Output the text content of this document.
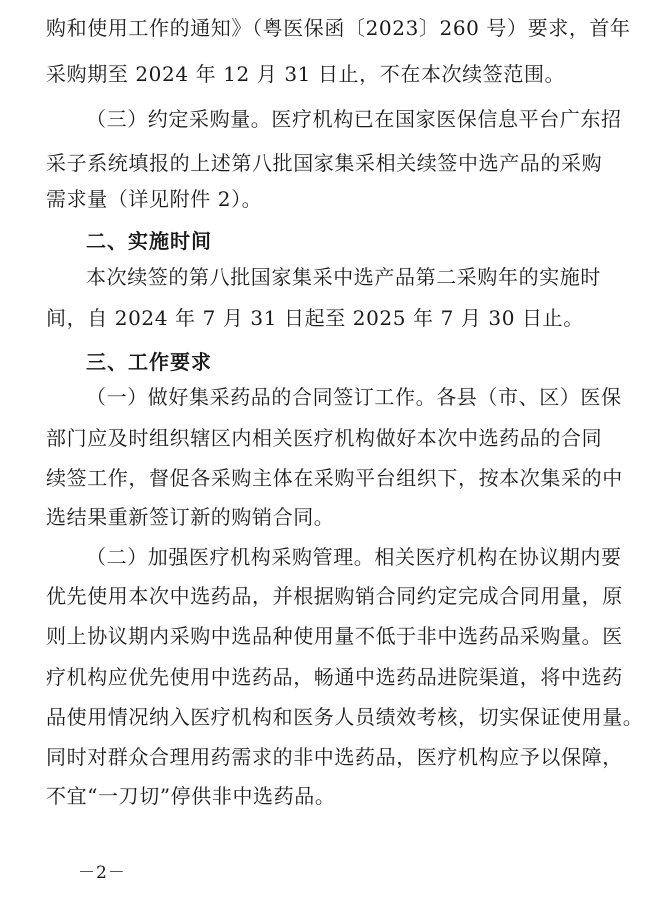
购和使用工作的通知》（粤医保函〔2023〕260 号）要求，首年
采购期至 2024 年 12 月 31 日止，不在本次续签范围。
（三）约定采购量。医疗机构已在国家医保信息平台广东招
采子系统填报的上述第八批国家集采相关续签中选产品的采购
需求量（详见附件 2）。
二、实施时间
本次续签的第八批国家集采中选产品第二采购年的实施时
间，自 2024 年 7 月 31 日起至 2025 年 7 月 30 日止。
三、工作要求
（一）做好集采药品的合同签订工作。各县（市、区）医保
部门应及时组织辖区内相关医疗机构做好本次中选药品的合同
续签工作，督促各采购主体在采购平台组织下，按本次集采的中
选结果重新签订新的购销合同。
（二）加强医疗机构采购管理。相关医疗机构在协议期内要
优先使用本次中选药品，并根据购销合同约定完成合同用量，原
则上协议期内采购中选品种使用量不低于非中选药品采购量。医
疗机构应优先使用中选药品，畅通中选药品进院渠道，将中选药
品使用情况纳入医疗机构和医务人员绩效考核，切实保证使用量。
同时对群众合理用药需求的非中选药品，医疗机构应予以保障，
不宜“一刀切”停供非中选药品。
－2－
